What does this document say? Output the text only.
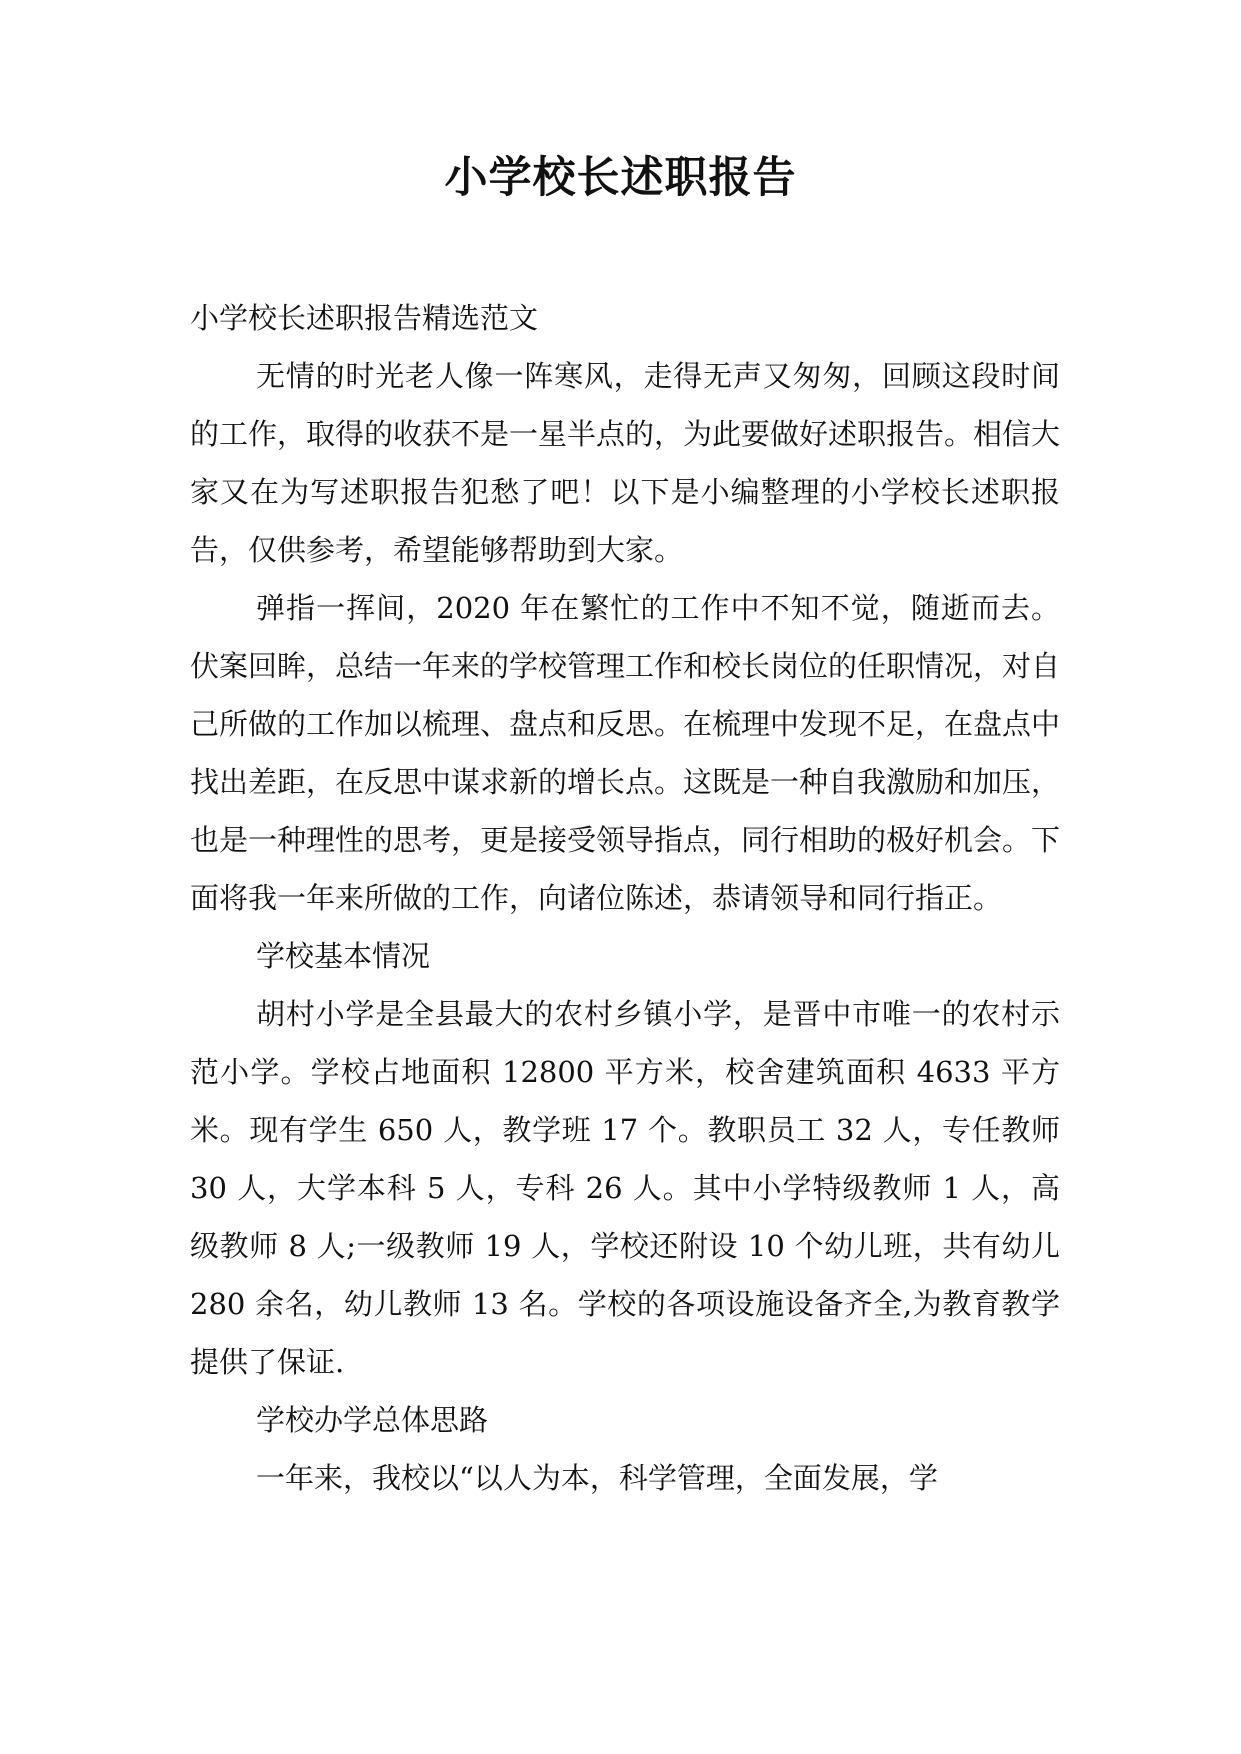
小学校长述职报告

小学校长述职报告精选范文

无情的时光老人像一阵寒风，走得无声又匆匆，回顾这段时间的工作，取得的收获不是一星半点的，为此要做好述职报告。相信大家又在为写述职报告犯愁了吧！以下是小编整理的小学校长述职报告，仅供参考，希望能够帮助到大家。

弹指一挥间，2020 年在繁忙的工作中不知不觉，随逝而去。伏案回眸，总结一年来的学校管理工作和校长岗位的任职情况，对自己所做的工作加以梳理、盘点和反思。在梳理中发现不足，在盘点中找出差距，在反思中谋求新的增长点。这既是一种自我激励和加压，也是一种理性的思考，更是接受领导指点，同行相助的极好机会。下面将我一年来所做的工作，向诸位陈述，恭请领导和同行指正。

学校基本情况

胡村小学是全县最大的农村乡镇小学，是晋中市唯一的农村示范小学。学校占地面积 12800 平方米，校舍建筑面积 4633 平方米。现有学生 650 人，教学班 17 个。教职员工 32 人，专任教师 30 人，大学本科 5 人，专科 26 人。其中小学特级教师 1 人，高级教师 8 人;一级教师 19 人，学校还附设 10 个幼儿班，共有幼儿 280 余名，幼儿教师 13 名。学校的各项设施设备齐全,为教育教学提供了保证.

学校办学总体思路

一年来，我校以“以人为本，科学管理，全面发展，学
